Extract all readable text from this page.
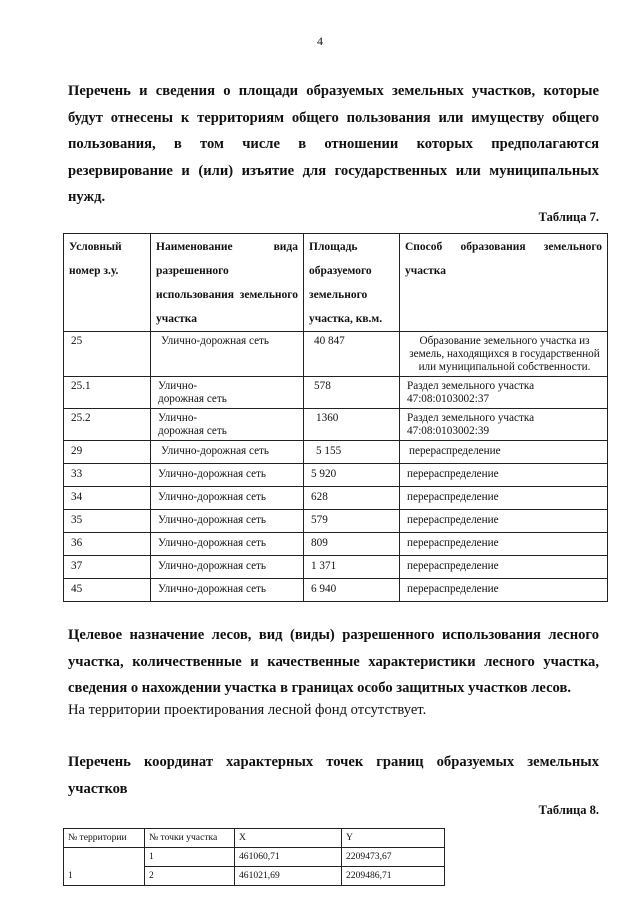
4

Перечень и сведения о площади образуемых земельных участков, которые будут отнесены к территориям общего пользования или имуществу общего пользования, в том числе в отношении которых предполагаются резервирование и (или) изъятие для государственных или муниципальных нужд.

Таблица 7.
Условный номер з.у.	Наименование вида разрешенного использования земельного участка	Площадь образуемого земельного участка, кв.м.	Способ образования земельного участка
25	Улично-дорожная сеть	40 847	Образование земельного участка из земель, находящихся в государственной или муниципальной собственности.
25.1	Улично-дорожная сеть	578	Раздел земельного участка 47:08:0103002:37
25.2	Улично-дорожная сеть	1360	Раздел земельного участка 47:08:0103002:39
29	Улично-дорожная сеть	5 155	перераспределение
33	Улично-дорожная сеть	5 920	перераспределение
34	Улично-дорожная сеть	628	перераспределение
35	Улично-дорожная сеть	579	перераспределение
36	Улично-дорожная сеть	809	перераспределение
37	Улично-дорожная сеть	1 371	перераспределение
45	Улично-дорожная сеть	6 940	перераспределение

Целевое назначение лесов, вид (виды) разрешенного использования лесного участка, количественные и качественные характеристики лесного участка, сведения о нахождении участка в границах особо защитных участков лесов.

На территории проектирования лесной фонд отсутствует.

Перечень координат характерных точек границ образуемых земельных участков

Таблица 8.
№ территории	№ точки участка	X	Y
1	1	461060,71	2209473,67
	2	461021,69	2209486,71
